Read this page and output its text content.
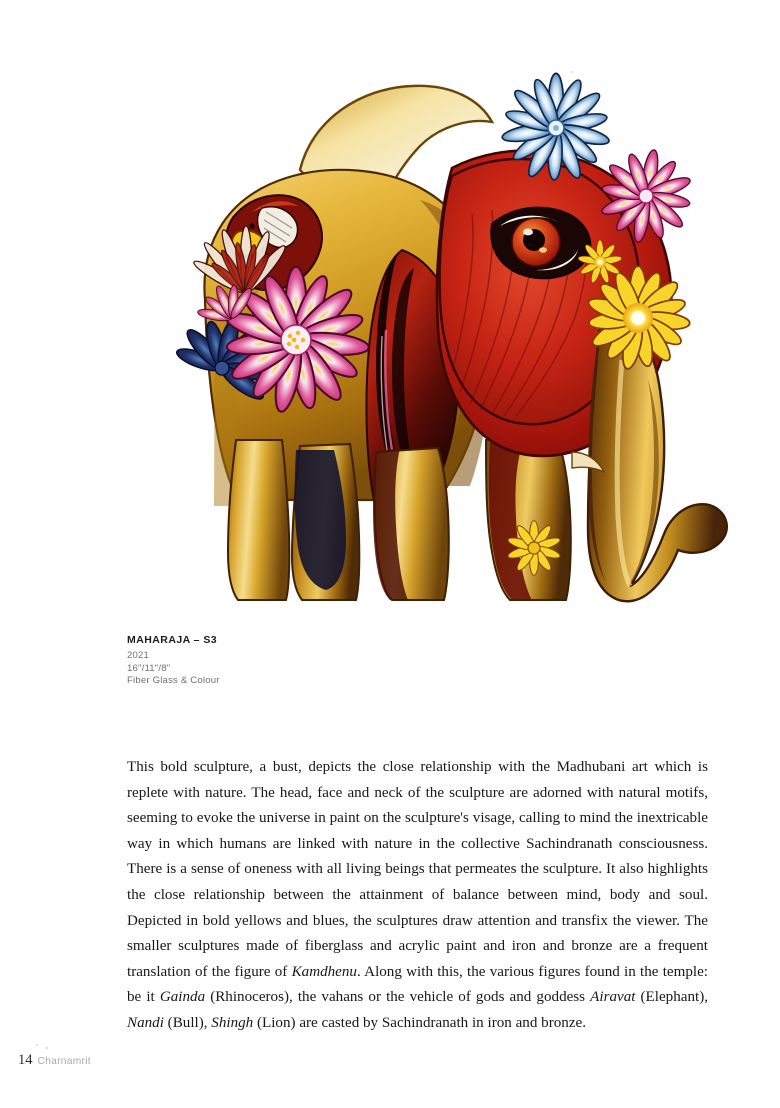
MAHARAJA – S3

2021

16"/11"/8"

Fiber Glass & Colour

This bold sculpture, a bust, depicts the close relationship with the Madhubani art which is replete with nature. The head, face and neck of the sculpture are adorned with natural motifs, seeming to evoke the universe in paint on the sculpture's visage, calling to mind the inextricable way in which humans are linked with nature in the collective Sachindranath consciousness. There is a sense of oneness with all living beings that permeates the sculpture. It also highlights the close relationship between the attainment of balance between mind, body and soul. Depicted in bold yellows and blues, the sculptures draw attention and transfix the viewer. The smaller sculptures made of fiberglass and acrylic paint and iron and bronze are a frequent translation of the figure of Kamdhenu. Along with this, the various figures found in the temple: be it Gainda (Rhinoceros), the vahans or the vehicle of gods and goddess Airavat (Elephant), Nandi (Bull), Shingh (Lion) are casted by Sachindranath in iron and bronze.

14 Charnamrit
